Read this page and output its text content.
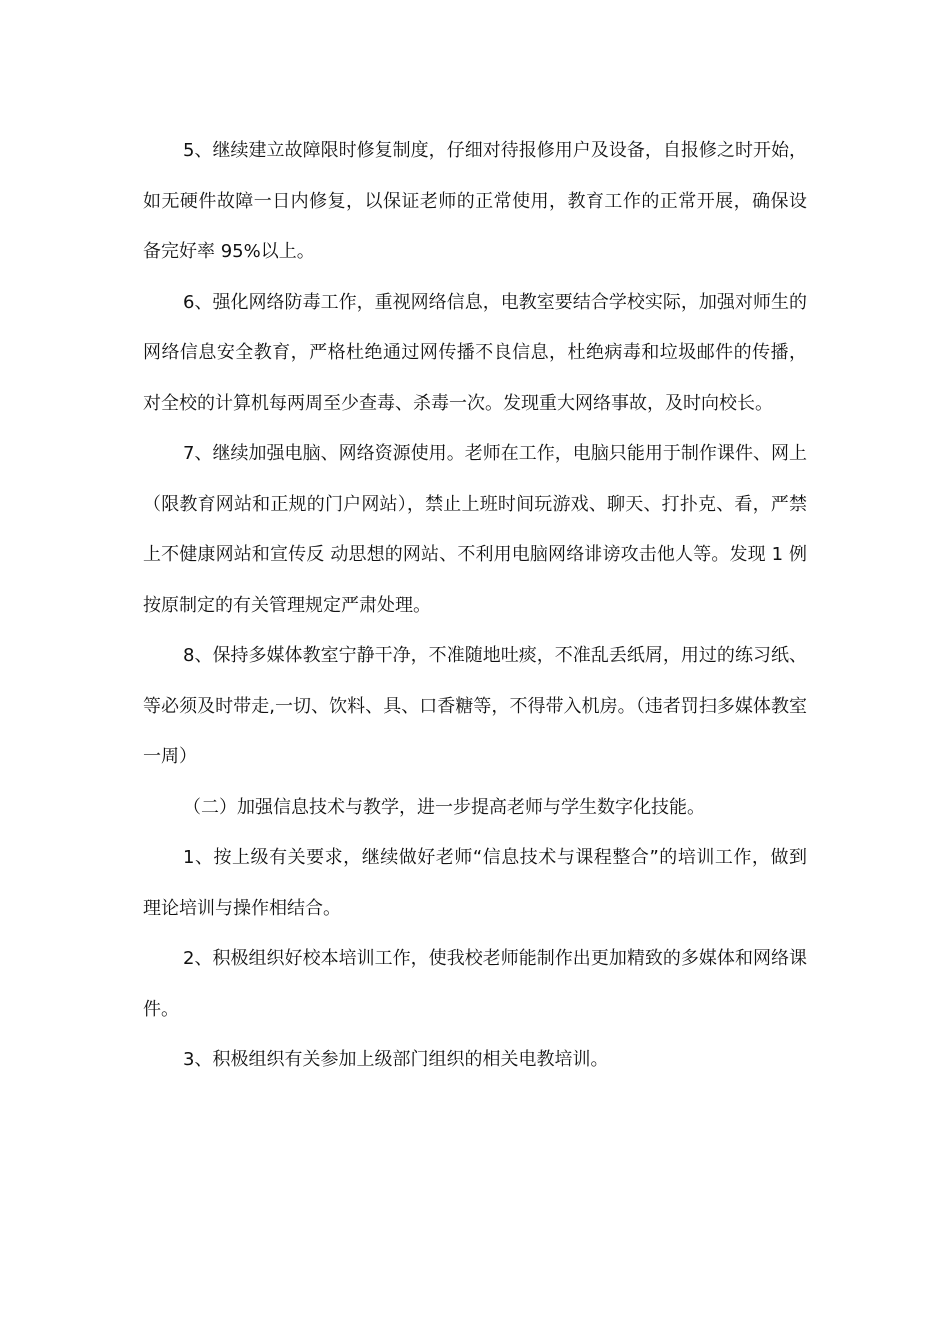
5、继续建立故障限时修复制度，仔细对待报修用户及设备，自报修之时开始，如无硬件故障一日内修复，以保证老师的正常使用，教育工作的正常开展，确保设备完好率 95%以上。

6、强化网络防毒工作，重视网络信息，电教室要结合学校实际，加强对师生的网络信息安全教育，严格杜绝通过网传播不良信息，杜绝病毒和垃圾邮件的传播，对全校的计算机每两周至少查毒、杀毒一次。发现重大网络事故，及时向校长。

7、继续加强电脑、网络资源使用。老师在工作，电脑只能用于制作课件、网上（限教育网站和正规的门户网站），禁止上班时间玩游戏、聊天、打扑克、看，严禁上不健康网站和宣传反 动思想的网站、不利用电脑网络诽谤攻击他人等。发现 1 例按原制定的有关管理规定严肃处理。

8、保持多媒体教室宁静干净，不准随地吐痰，不准乱丢纸屑，用过的练习纸、等必须及时带走,一切、饮料、具、口香糖等，不得带入机房。（违者罚扫多媒体教室一周）

（二）加强信息技术与教学，进一步提高老师与学生数字化技能。

1、按上级有关要求，继续做好老师“信息技术与课程整合”的培训工作，做到理论培训与操作相结合。

2、积极组织好校本培训工作，使我校老师能制作出更加精致的多媒体和网络课件。

3、积极组织有关参加上级部门组织的相关电教培训。
